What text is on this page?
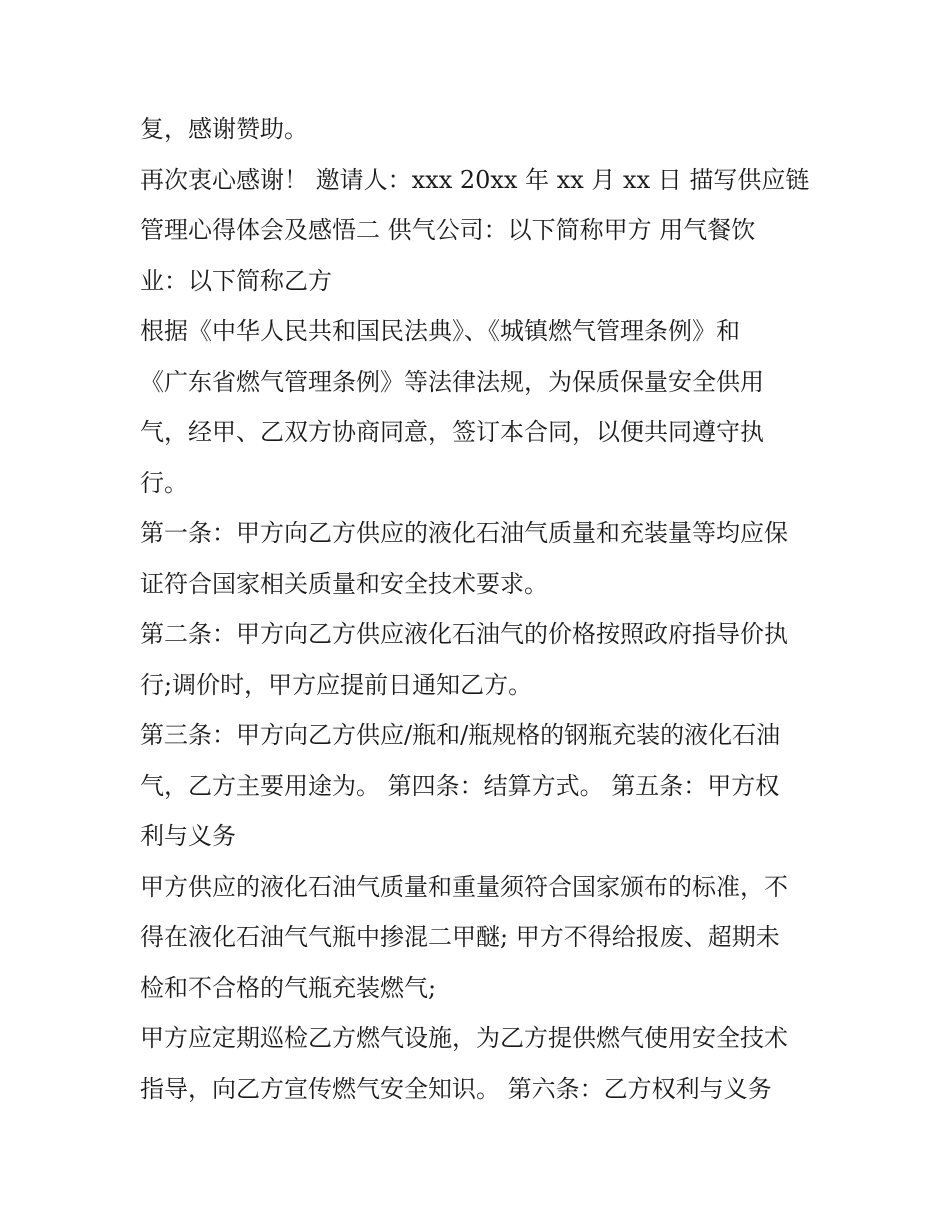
复，感谢赞助。

再次衷心感谢！ 邀请人：xxx 20xx 年 xx 月 xx 日 描写供应链
管理心得体会及感悟二 供气公司：以下简称甲方 用气餐饮
业：以下简称乙方

根据《中华人民共和国民法典》、《城镇燃气管理条例》和
《广东省燃气管理条例》等法律法规，为保质保量安全供用
气，经甲、乙双方协商同意，签订本合同，以便共同遵守执
行。

第一条：甲方向乙方供应的液化石油气质量和充装量等均应保
证符合国家相关质量和安全技术要求。

第二条：甲方向乙方供应液化石油气的价格按照政府指导价执
行;调价时，甲方应提前日通知乙方。

第三条：甲方向乙方供应/瓶和/瓶规格的钢瓶充装的液化石油
气，乙方主要用途为。 第四条：结算方式。 第五条：甲方权
利与义务

甲方供应的液化石油气质量和重量须符合国家颁布的标准，不
得在液化石油气气瓶中掺混二甲醚; 甲方不得给报废、超期未
检和不合格的气瓶充装燃气;

甲方应定期巡检乙方燃气设施，为乙方提供燃气使用安全技术
指导，向乙方宣传燃气安全知识。 第六条：乙方权利与义务
